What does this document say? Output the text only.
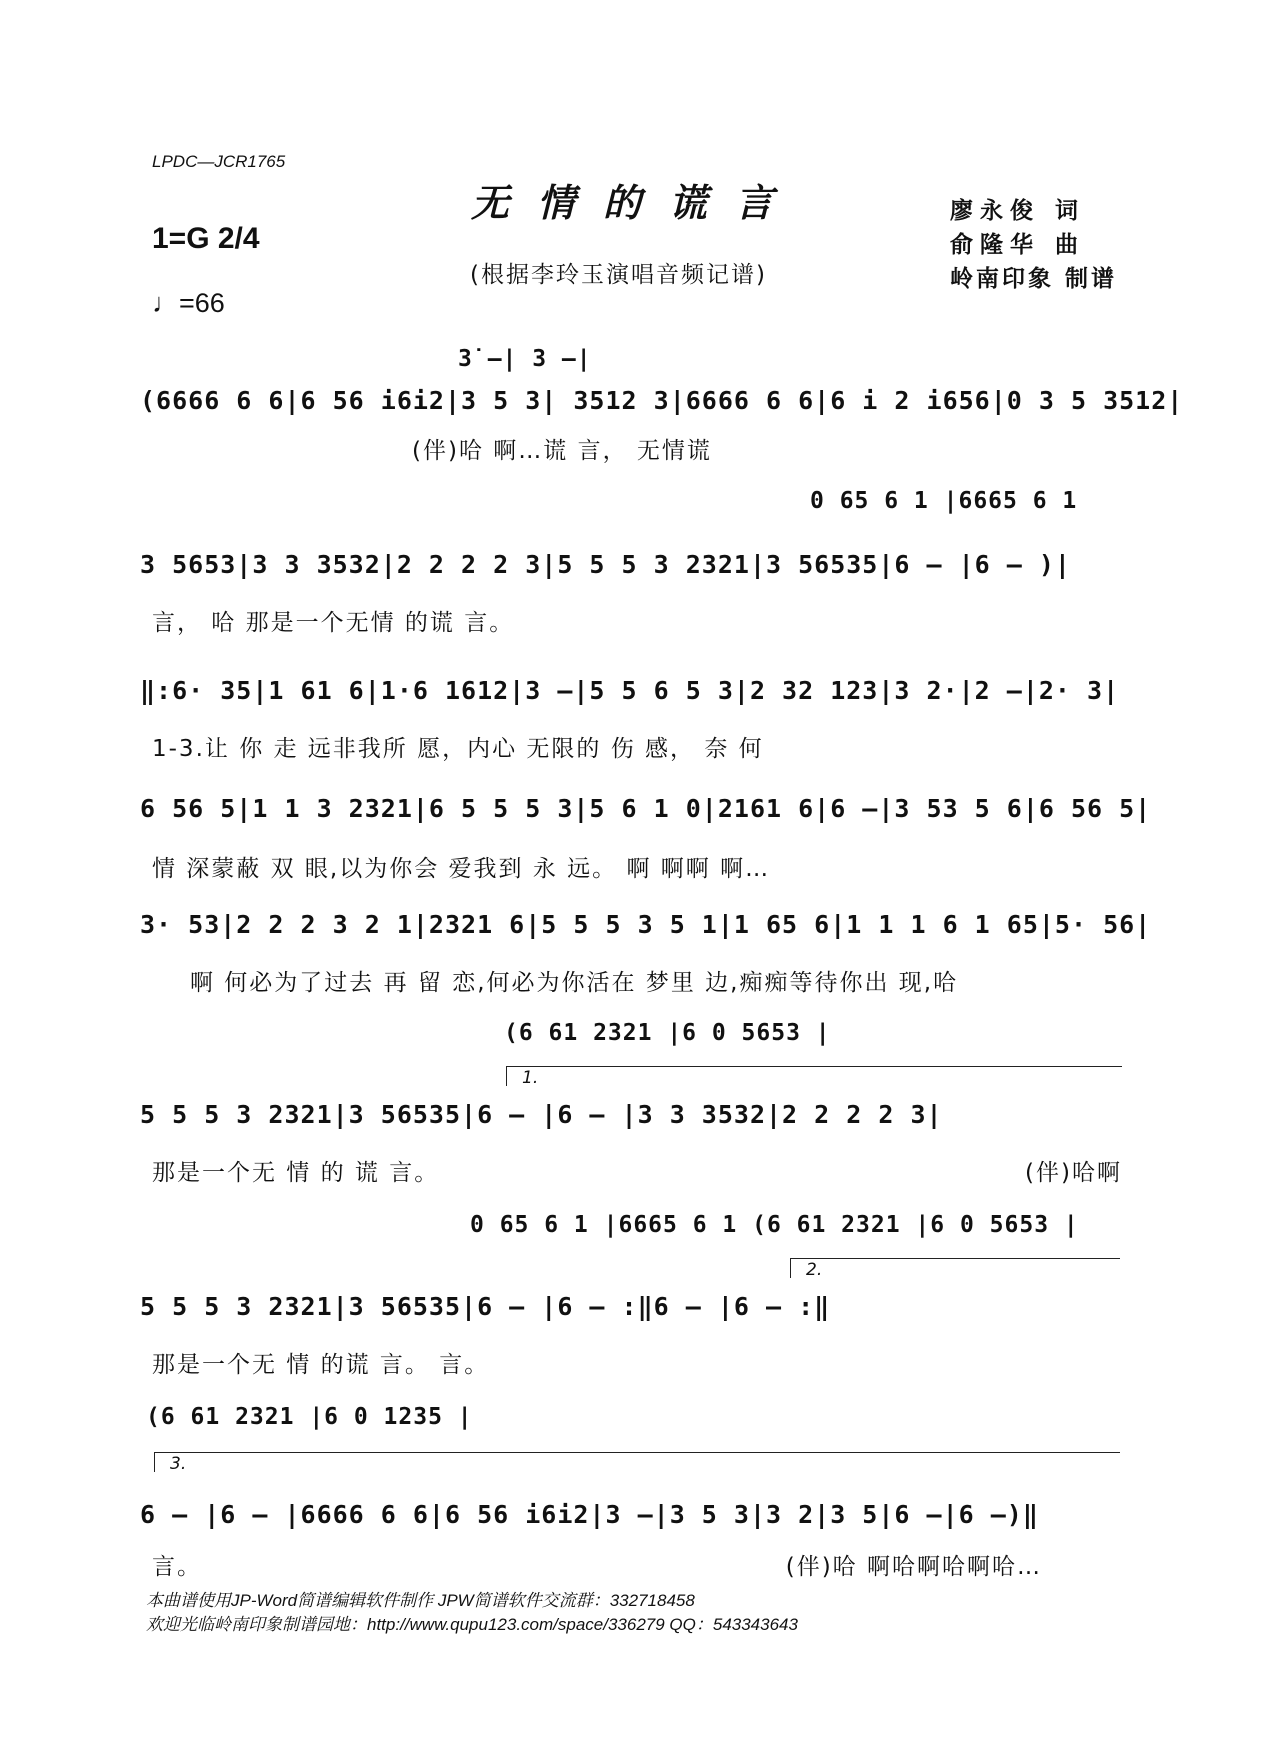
LPDC—JCR1765
无情的谎言
(根据李玲玉演唱音频记谱)
1=G 2/4
♩=66
廖永俊 词
俞隆华 曲
岭南印象 制谱
3̇ –| 3 –|
(6666 6 6|6 56 i6i2|3 5 3| 3512 3|6666 6 6|6 i 2 i656|0 3 5 3512|
(伴)哈 啊…谎 言， 无情谎
0 65 6 1 |6665 6 1
3 5653|3 3 3532|2 2 2 2 3|5 5 5 3 2321|3 56535|6 – |6 – )|
言， 哈 那是一个无情 的谎 言。
‖:6· 35|1 61 6|1·6 1612|3 –|5 5 6 5 3|2 32 123|3 2·|2 –|2· 3|
1-3.让 你 走 远非我所 愿，内心 无限的 伤 感， 奈 何
6 56 5|1 1 3 2321|6 5 5 5 3|5 6 1 0|2161 6|6 –|3 53 5 6|6 56 5|
情 深蒙蔽 双 眼,以为你会 爱我到 永 远。 啊 啊啊 啊…
3· 53|2 2 2 3 2 1|2321 6|5 5 5 3 5 1|1 65 6|1 1 1 6 1 65|5· 56|
啊 何必为了过去 再 留 恋,何必为你活在 梦里 边,痴痴等待你出 现,哈
(6 61 2321 |6 0 5653 |
1.
5 5 5 3 2321|3 56535|6 – |6 – |3 3 3532|2 2 2 2 3|
那是一个无 情 的 谎 言。	(伴)哈啊
0 65 6 1 |6665 6 1 (6 61 2321 |6 0 5653 |
2.
5 5 5 3 2321|3 56535|6 – |6 – :‖6 – |6 – :‖
那是一个无 情 的谎 言。 言。
(6 61 2321 |6 0 1235 |
3.
6 – |6 – |6666 6 6|6 56 i6i2|3 –|3 5 3|3 2|3 5|6 –|6 –)‖
言。	(伴)哈 啊哈啊哈啊哈…
本曲谱使用JP-Word简谱编辑软件制作 JPW简谱软件交流群：332718458
欢迎光临岭南印象制谱园地：http://www.qupu123.com/space/336279 QQ：543343643
